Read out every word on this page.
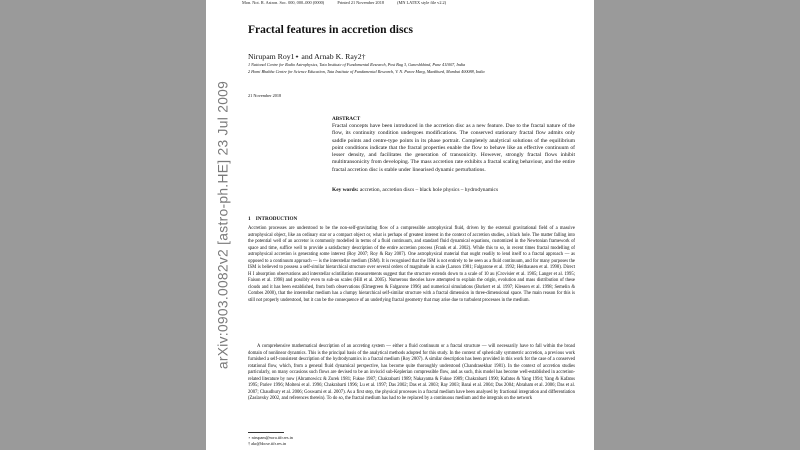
Mon. Not. R. Astron. Soc. 000, 000–000 (0000)	Printed 21 November 2018	(MN LATEX style file v2.2)
Fractal features in accretion discs
Nirupam Roy1⋆ and Arnab K. Ray2†
1 National Centre for Radio Astrophysics, Tata Institute of Fundamental Research, Post Bag 3, Ganeshkhind, Pune 411007, India
2 Homi Bhabha Centre for Science Education, Tata Institute of Fundamental Research, V. N. Purav Marg, Mankhurd, Mumbai 400088, India
21 November 2018
ABSTRACT
Fractal concepts have been introduced in the accretion disc as a new feature. Due to the fractal nature of the flow, its continuity condition undergoes modifications. The conserved stationary fractal flow admits only saddle points and centre-type points in its phase portrait. Completely analytical solutions of the equilibrium point conditions indicate that the fractal properties enable the flow to behave like an effective continuum of lesser density, and facilitates the generation of transonicity. However, strongly fractal flows inhibit multitransonicity from developing. The mass accretion rate exhibits a fractal scaling behaviour, and the entire fractal accretion disc is stable under linearised dynamic perturbations.
Key words: accretion, accretion discs – black hole physics – hydrodynamics
1 INTRODUCTION
Accretion processes are understood to be the non-self-gravitating flow of a compressible astrophysical fluid, driven by the external gravitational field of a massive astrophysical object, like an ordinary star or a compact object or, what is perhaps of greatest interest in the context of accretion studies, a black hole. The matter falling into the potential well of an accretor is commonly modelled in terms of a fluid continuum, and standard fluid dynamical equations, customized in the Newtonian framework of space and time, suffice well to provide a satisfactory description of the entire accretion process (Frank et al. 2002). While this to so, in recent times fractal modelling of astrophysical accretion is generating some interest (Roy 2007; Roy & Ray 2007). One astrophysical material that ought readily to lend itself to a fractal approach — as opposed to a continuum approach — is the interstellar medium (ISM). It is recognised that the ISM is not entirely to be seen as a fluid continuum, and for many purposes the ISM is believed to possess a self-similar hierarchical structure over several orders of magnitude in scale (Larson 1981; Falgarone et al. 1992; Heithausen et al. 1998). Direct H I absorption observations and interstellar scintillation measurements suggest that the structure extends down to a scale of 10 au (Crovisier et al. 1985; Langer et al. 1995; Faison et al. 1998) and possibly even to sub-au scales (Hill et al. 2005). Numerous theories have attempted to explain the origin, evolution and mass distribution of these clouds and it has been established, from both observations (Elmegreen & Falgarone 1996) and numerical simulations (Burkert et al. 1997; Klessen et al. 1998; Semelin & Combes 2000), that the interstellar medium has a clumpy hierarchical self-similar structure with a fractal dimension in three-dimensional space. The main reason for this is still not properly understood, but it can be the consequence of an underlying fractal geometry that may arise due to turbulent processes in the medium.
A comprehensive mathematical description of an accreting system — either a fluid continuum or a fractal structure — will necessarily have to fall within the broad domain of nonlinear dynamics. This is the principal basis of the analytical methods adopted for this study. In the context of spherically symmetric accretion, a previous work furnished a self-consistent description of the hydrodynamics in a fractal medium (Roy 2007). A similar description has been provided in this work for the case of a conserved rotational flow, which, from a general fluid dynamical perspective, has become quite thoroughly understood (Chandrasekhar 1981). In the context of accretion studies particularly, on many occasions such flows are devised to be an inviscid sub-Keplerian compressible flow, and as such, this model has become well-established in accretion-related literature by now (Abramowicz & Zurek 1981; Fukue 1987; Chakrabarti 1989; Nakayama & Fukue 1989; Chakrabarti 1990; Kafatos & Yang 1994; Yang & Kafatos 1995; Pariev 1996; Molteni et al. 1996; Chakrabarti 1996; Lu et al. 1997; Das 2002; Das et al. 2003; Ray 2003; Barai et al. 2004; Das 2004; Abraham et al. 2006; Das et al. 2007; Chaudhury et al. 2006; Goswami et al. 2007). As a first step, the physical processes in a fractal medium have been analysed by fractional integration and differentiation (Zaslavsky 2002, and references therein). To do so, the fractal medium has had to be replaced by a continuous medium and the integrals on the network
⋆ nirupam@ncra.tifr.res.in
† akr@hbcse.tifr.res.in
arXiv:0903.0082v2 [astro-ph.HE] 23 Jul 2009
